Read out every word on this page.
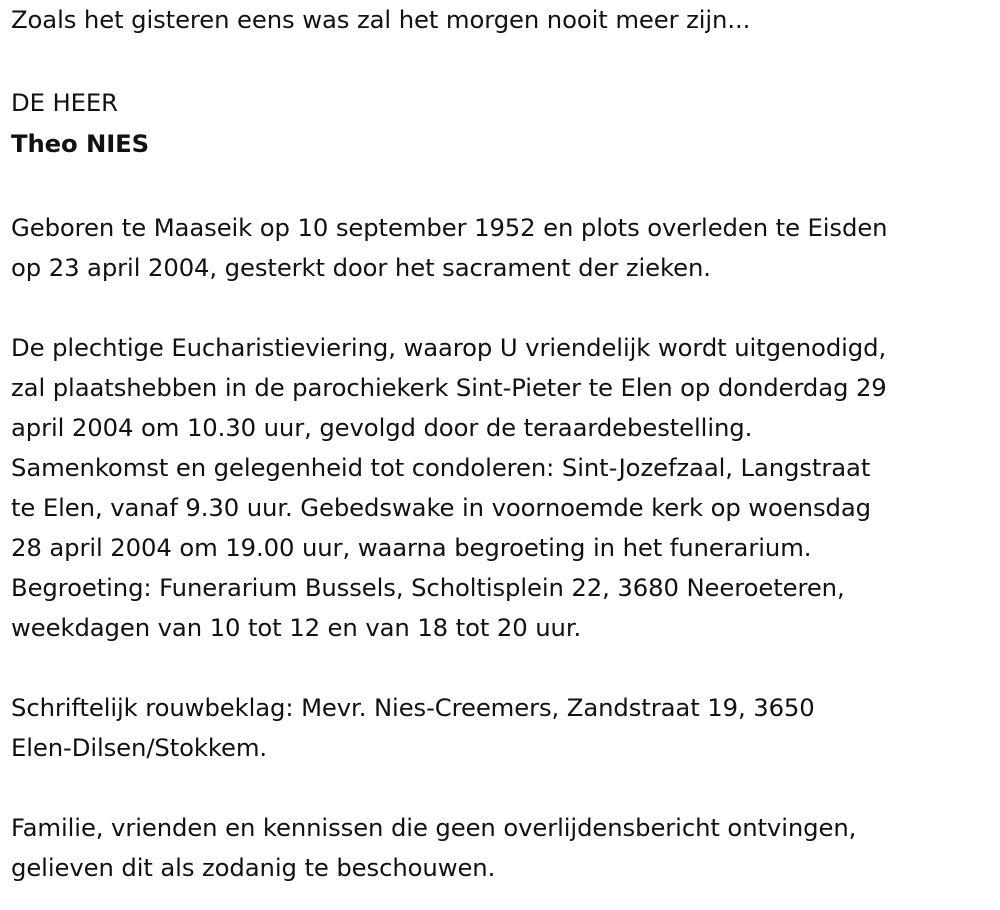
Zoals het gisteren eens was zal het morgen nooit meer zijn...
DE HEER
Theo NIES
Geboren te Maaseik op 10 september 1952 en plots overleden te Eisden
op 23 april 2004, gesterkt door het sacrament der zieken.
De plechtige Eucharistieviering, waarop U vriendelijk wordt uitgenodigd,
zal plaatshebben in de parochiekerk Sint-Pieter te Elen op donderdag 29
april 2004 om 10.30 uur, gevolgd door de teraardebestelling.
Samenkomst en gelegenheid tot condoleren: Sint-Jozefzaal, Langstraat
te Elen, vanaf 9.30 uur. Gebedswake in voornoemde kerk op woensdag
28 april 2004 om 19.00 uur, waarna begroeting in het funerarium.
Begroeting: Funerarium Bussels, Scholtisplein 22, 3680 Neeroeteren,
weekdagen van 10 tot 12 en van 18 tot 20 uur.
Schriftelijk rouwbeklag: Mevr. Nies-Creemers, Zandstraat 19, 3650
Elen-Dilsen/Stokkem.
Familie, vrienden en kennissen die geen overlijdensbericht ontvingen,
gelieven dit als zodanig te beschouwen.
